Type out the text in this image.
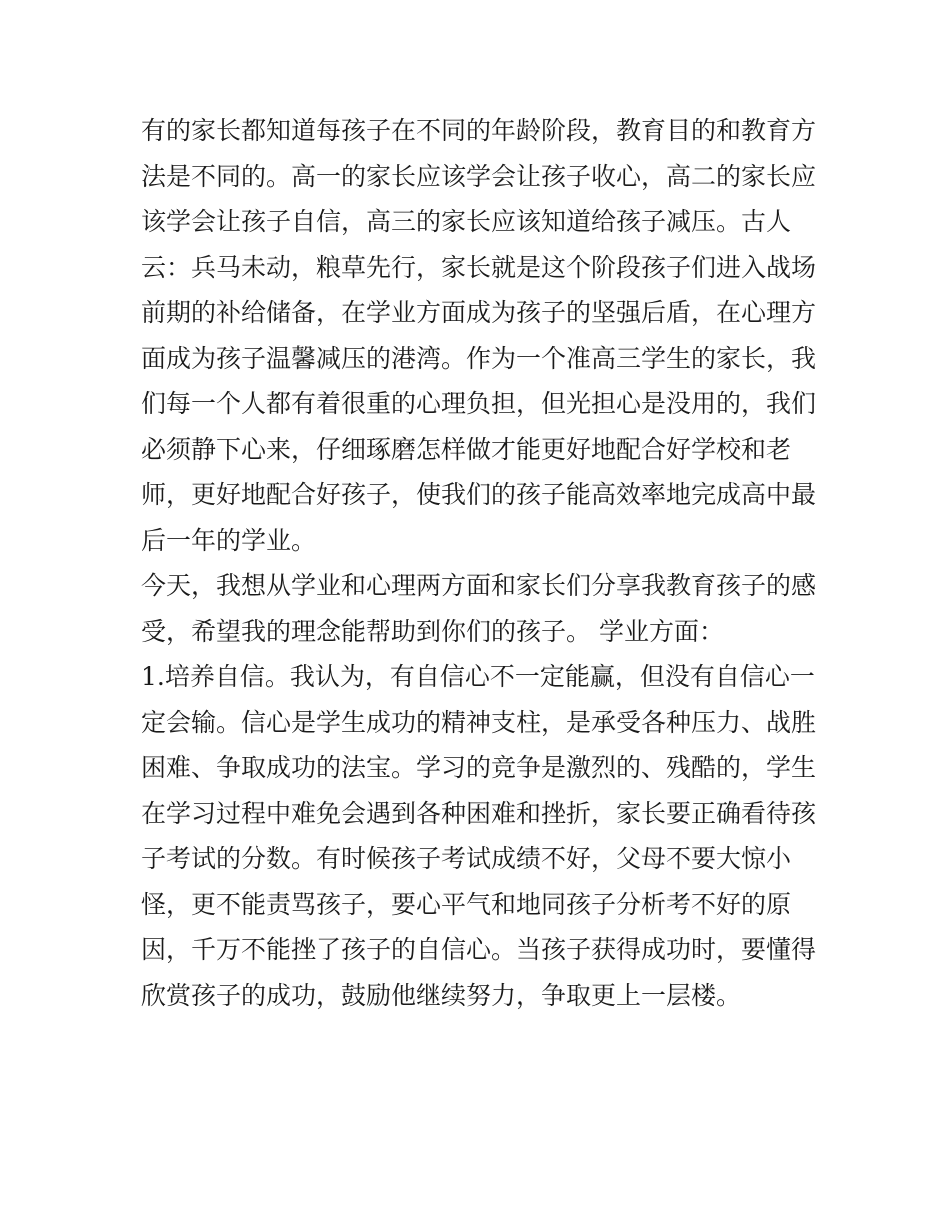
有的家长都知道每孩子在不同的年龄阶段，教育目的和教育方
法是不同的。高一的家长应该学会让孩子收心，高二的家长应
该学会让孩子自信，高三的家长应该知道给孩子减压。古人
云：兵马未动，粮草先行，家长就是这个阶段孩子们进入战场
前期的补给储备，在学业方面成为孩子的坚强后盾，在心理方
面成为孩子温馨减压的港湾。作为一个准高三学生的家长，我
们每一个人都有着很重的心理负担，但光担心是没用的，我们
必须静下心来，仔细琢磨怎样做才能更好地配合好学校和老
师，更好地配合好孩子，使我们的孩子能高效率地完成高中最
后一年的学业。
今天，我想从学业和心理两方面和家长们分享我教育孩子的感
受，希望我的理念能帮助到你们的孩子。 学业方面：
1.培养自信。我认为，有自信心不一定能赢，但没有自信心一
定会输。信心是学生成功的精神支柱，是承受各种压力、战胜
困难、争取成功的法宝。学习的竞争是激烈的、残酷的，学生
在学习过程中难免会遇到各种困难和挫折，家长要正确看待孩
子考试的分数。有时候孩子考试成绩不好，父母不要大惊小
怪，更不能责骂孩子，要心平气和地同孩子分析考不好的原
因，千万不能挫了孩子的自信心。当孩子获得成功时，要懂得
欣赏孩子的成功，鼓励他继续努力，争取更上一层楼。
